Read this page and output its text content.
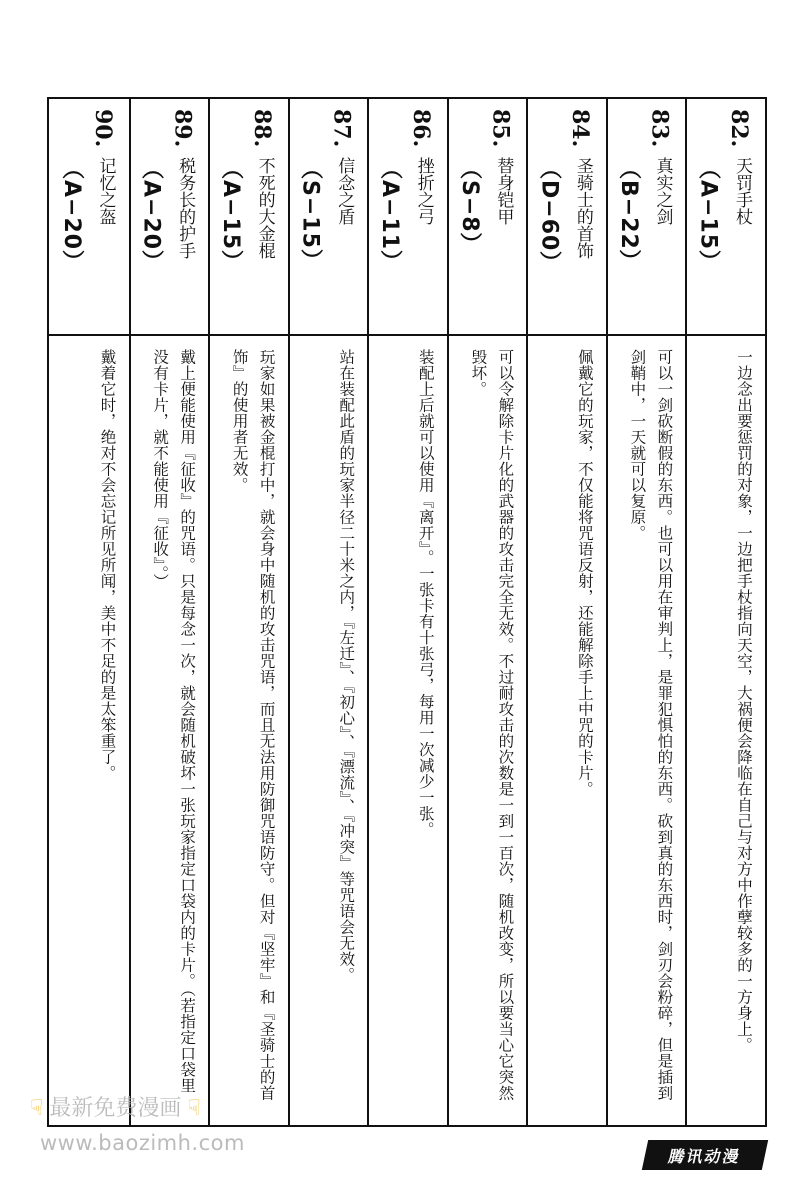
82.
天罚手杖
（A−15）
一边念出要惩罚的对象，一边把手杖指向天空，大祸便会降临在自己与对方中作孽较多的一方身上。
83.
真实之剑
（B−22）
可以一剑砍断假的东西。也可以用在审判上，是罪犯惧怕的东西。砍到真的东西时，剑刃会粉碎，但是插到剑鞘中，一天就可以复原。
84.
圣骑士的首饰
（D−60）
佩戴它的玩家，不仅能将咒语反射，还能解除手上中咒的卡片。
85.
替身铠甲
（S−8）
可以令解除卡片化的武器的攻击完全无效。不过耐攻击的次数是一到一百次，随机改变，所以要当心它突然毁坏。
86.
挫折之弓
（A−11）
装配上后就可以使用『离开』。一张卡有十张弓，每用一次减少一张。
87.
信念之盾
（S−15）
站在装配此盾的玩家半径二十米之内，『左迁』、『初心』、『漂流』、『冲突』等咒语会无效。
88.
不死的大金棍
（A−15）
玩家如果被金棍打中，就会身中随机的攻击咒语，而且无法用防御咒语防守。但对『坚牢』和『圣骑士的首饰』的使用者无效。
89.
税务长的护手
（A−20）
戴上便能使用『征收』的咒语。只是每念一次，就会随机破坏一张玩家指定口袋内的卡片。（若指定口袋里没有卡片，就不能使用『征收』。）
90.
记忆之盔
（A−20）
戴着它时，绝对不会忘记所见所闻，美中不足的是太笨重了。
☟ 最新免费漫画 ☟
www.baozimh.com
腾讯动漫
